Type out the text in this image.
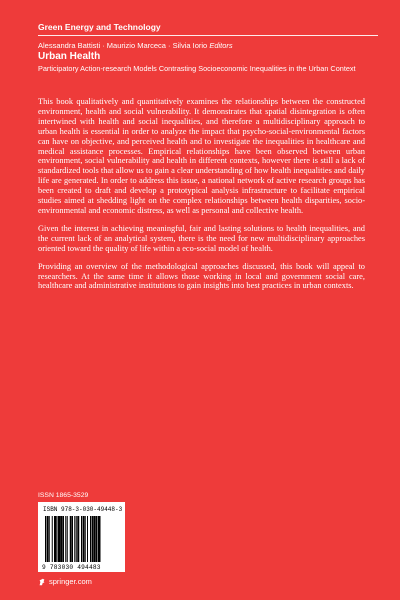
Green Energy and Technology
Alessandra Battisti · Maurizio Marceca · Silvia Iorio Editors
Urban Health
Participatory Action-research Models Contrasting Socioeconomic Inequalities in the Urban Context

This book qualitatively and quantitatively examines the relationships between the constructed environment, health and social vulnerability. It demonstrates that spatial disintegration is often intertwined with health and social inequalities, and therefore a multidisciplinary approach to urban health is essential in order to analyze the impact that psycho-social-environmental factors can have on objective, and perceived health and to investigate the inequalities in healthcare and medical assistance processes. Empirical relationships have been observed between urban environment, social vulnerability and health in different contexts, however there is still a lack of standardized tools that allow us to gain a clear understanding of how health inequalities and daily life are generated. In order to address this issue, a national network of active research groups has been created to draft and develop a prototypical analysis infrastructure to facilitate empirical studies aimed at shedding light on the complex relationships between health disparities, socio-environmental and economic distress, as well as personal and collective health.

Given the interest in achieving meaningful, fair and lasting solutions to health inequalities, and the current lack of an analytical system, there is the need for new multidisciplinary approaches oriented toward the quality of life within a eco-social model of health.

Providing an overview of the methodological approaches discussed, this book will appeal to researchers. At the same time it allows those working in local and government social care, healthcare and administrative institutions to gain insights into best practices in urban contexts.

ISSN 1865-3529
ISBN 978-3-030-49448-3
9 783030 494483
springer.com
